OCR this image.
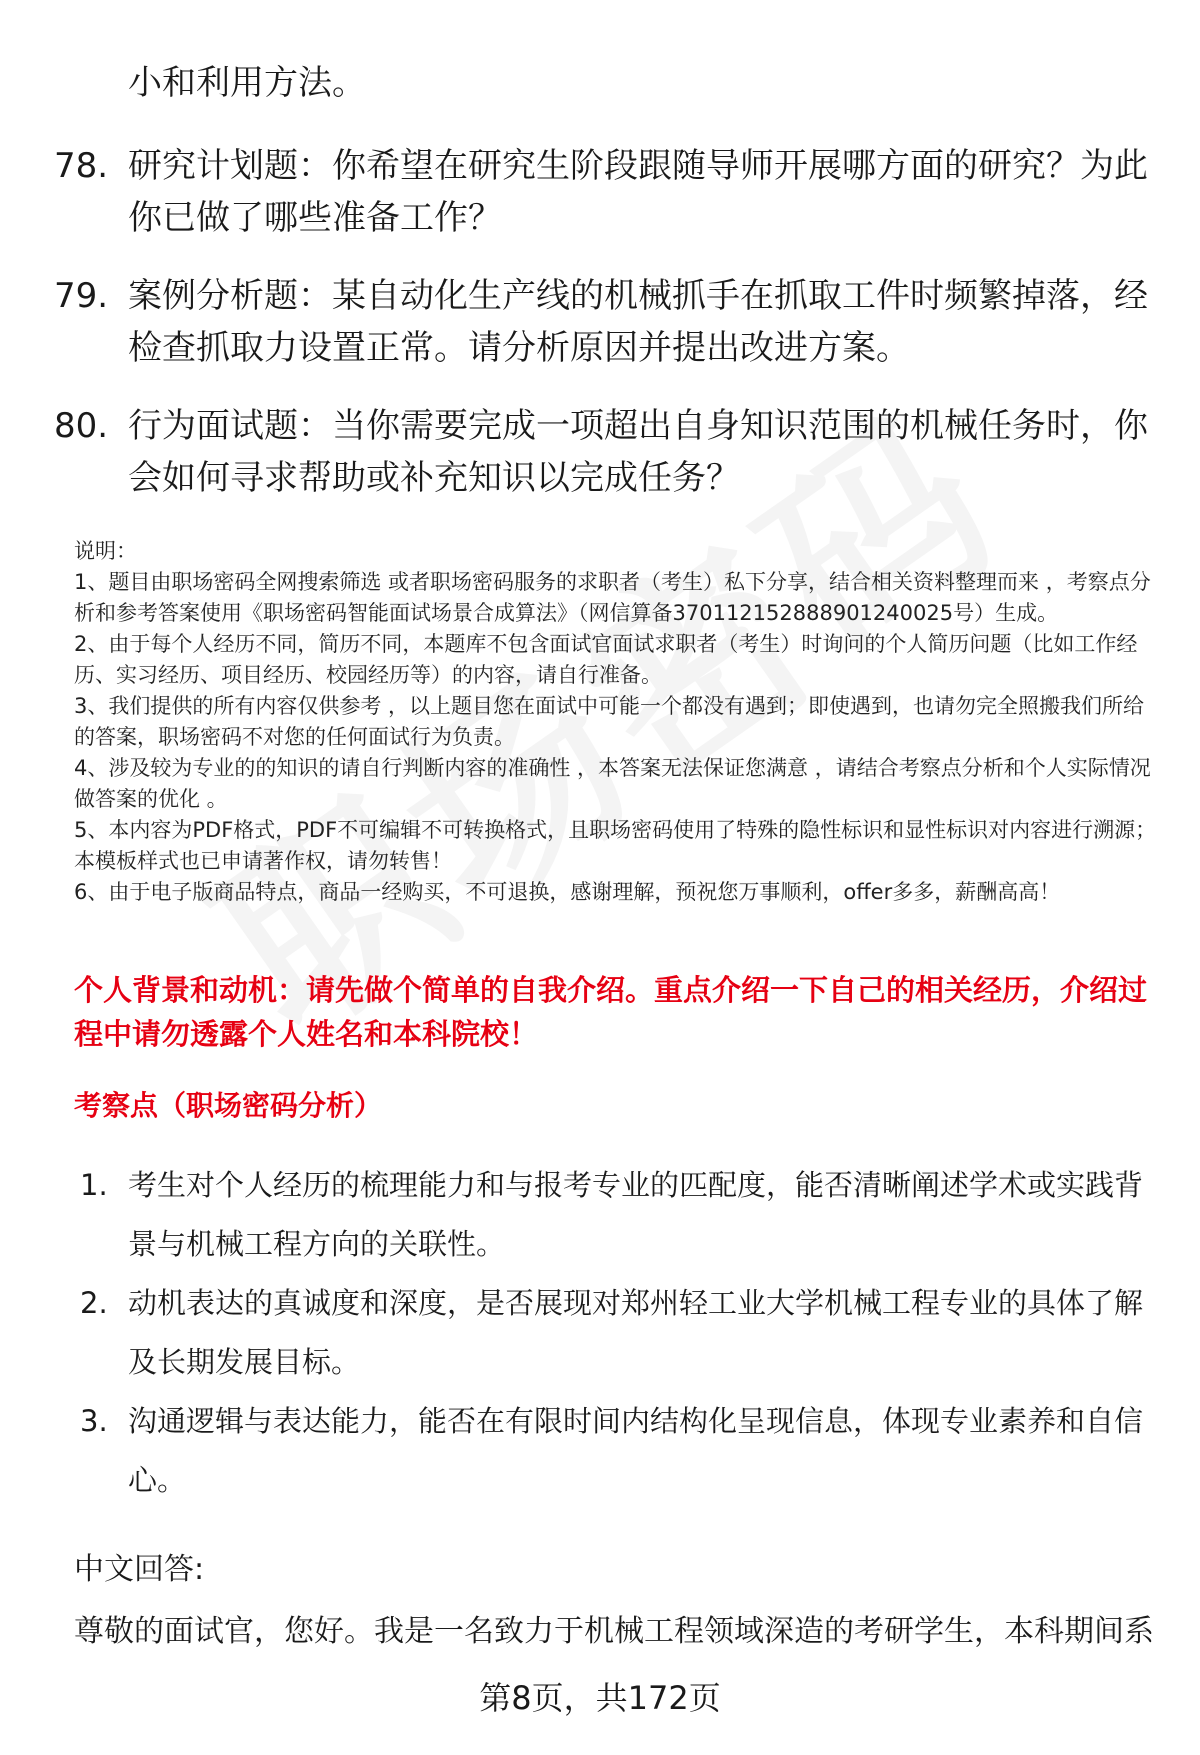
小和利用方法。
78. 研究计划题：你希望在研究生阶段跟随导师开展哪方面的研究？为此你已做了哪些准备工作？
79. 案例分析题：某自动化生产线的机械抓手在抓取工件时频繁掉落，经检查抓取力设置正常。请分析原因并提出改进方案。
80. 行为面试题：当你需要完成一项超出自身知识范围的机械任务时，你会如何寻求帮助或补充知识以完成任务？

说明：

1、题目由职场密码全网搜索筛选 或者职场密码服务的求职者（考生）私下分享，结合相关资料整理而来 ，考察点分析和参考答案使用《职场密码智能面试场景合成算法》（网信算备370112152888901240025号）生成。

2、由于每个人经历不同，简历不同，本题库不包含面试官面试求职者（考生）时询问的个人简历问题（比如工作经历、实习经历、项目经历、校园经历等）的内容，请自行准备。

3、我们提供的所有内容仅供参考 ，以上题目您在面试中可能一个都没有遇到；即使遇到，也请勿完全照搬我们所给的答案，职场密码不对您的任何面试行为负责。

4、涉及较为专业的的知识的请自行判断内容的准确性 ，本答案无法保证您满意 ，请结合考察点分析和个人实际情况做答案的优化 。

5、本内容为PDF格式，PDF不可编辑不可转换格式，且职场密码使用了特殊的隐性标识和显性标识对内容进行溯源；本模板样式也已申请著作权，请勿转售！

6、由于电子版商品特点，商品一经购买，不可退换，感谢理解，预祝您万事顺利，offer多多，薪酬高高！

个人背景和动机：请先做个简单的自我介绍。重点介绍一下自己的相关经历，介绍过程中请勿透露个人姓名和本科院校！
考察点（职场密码分析）
1. 考生对个人经历的梳理能力和与报考专业的匹配度，能否清晰阐述学术或实践背景与机械工程方向的关联性。
2. 动机表达的真诚度和深度，是否展现对郑州轻工业大学机械工程专业的具体了解及长期发展目标。
3. 沟通逻辑与表达能力，能否在有限时间内结构化呈现信息，体现专业素养和自信心。
中文回答:
尊敬的面试官，您好。我是一名致力于机械工程领域深造的考研学生，本科期间系
第8页，共172页
